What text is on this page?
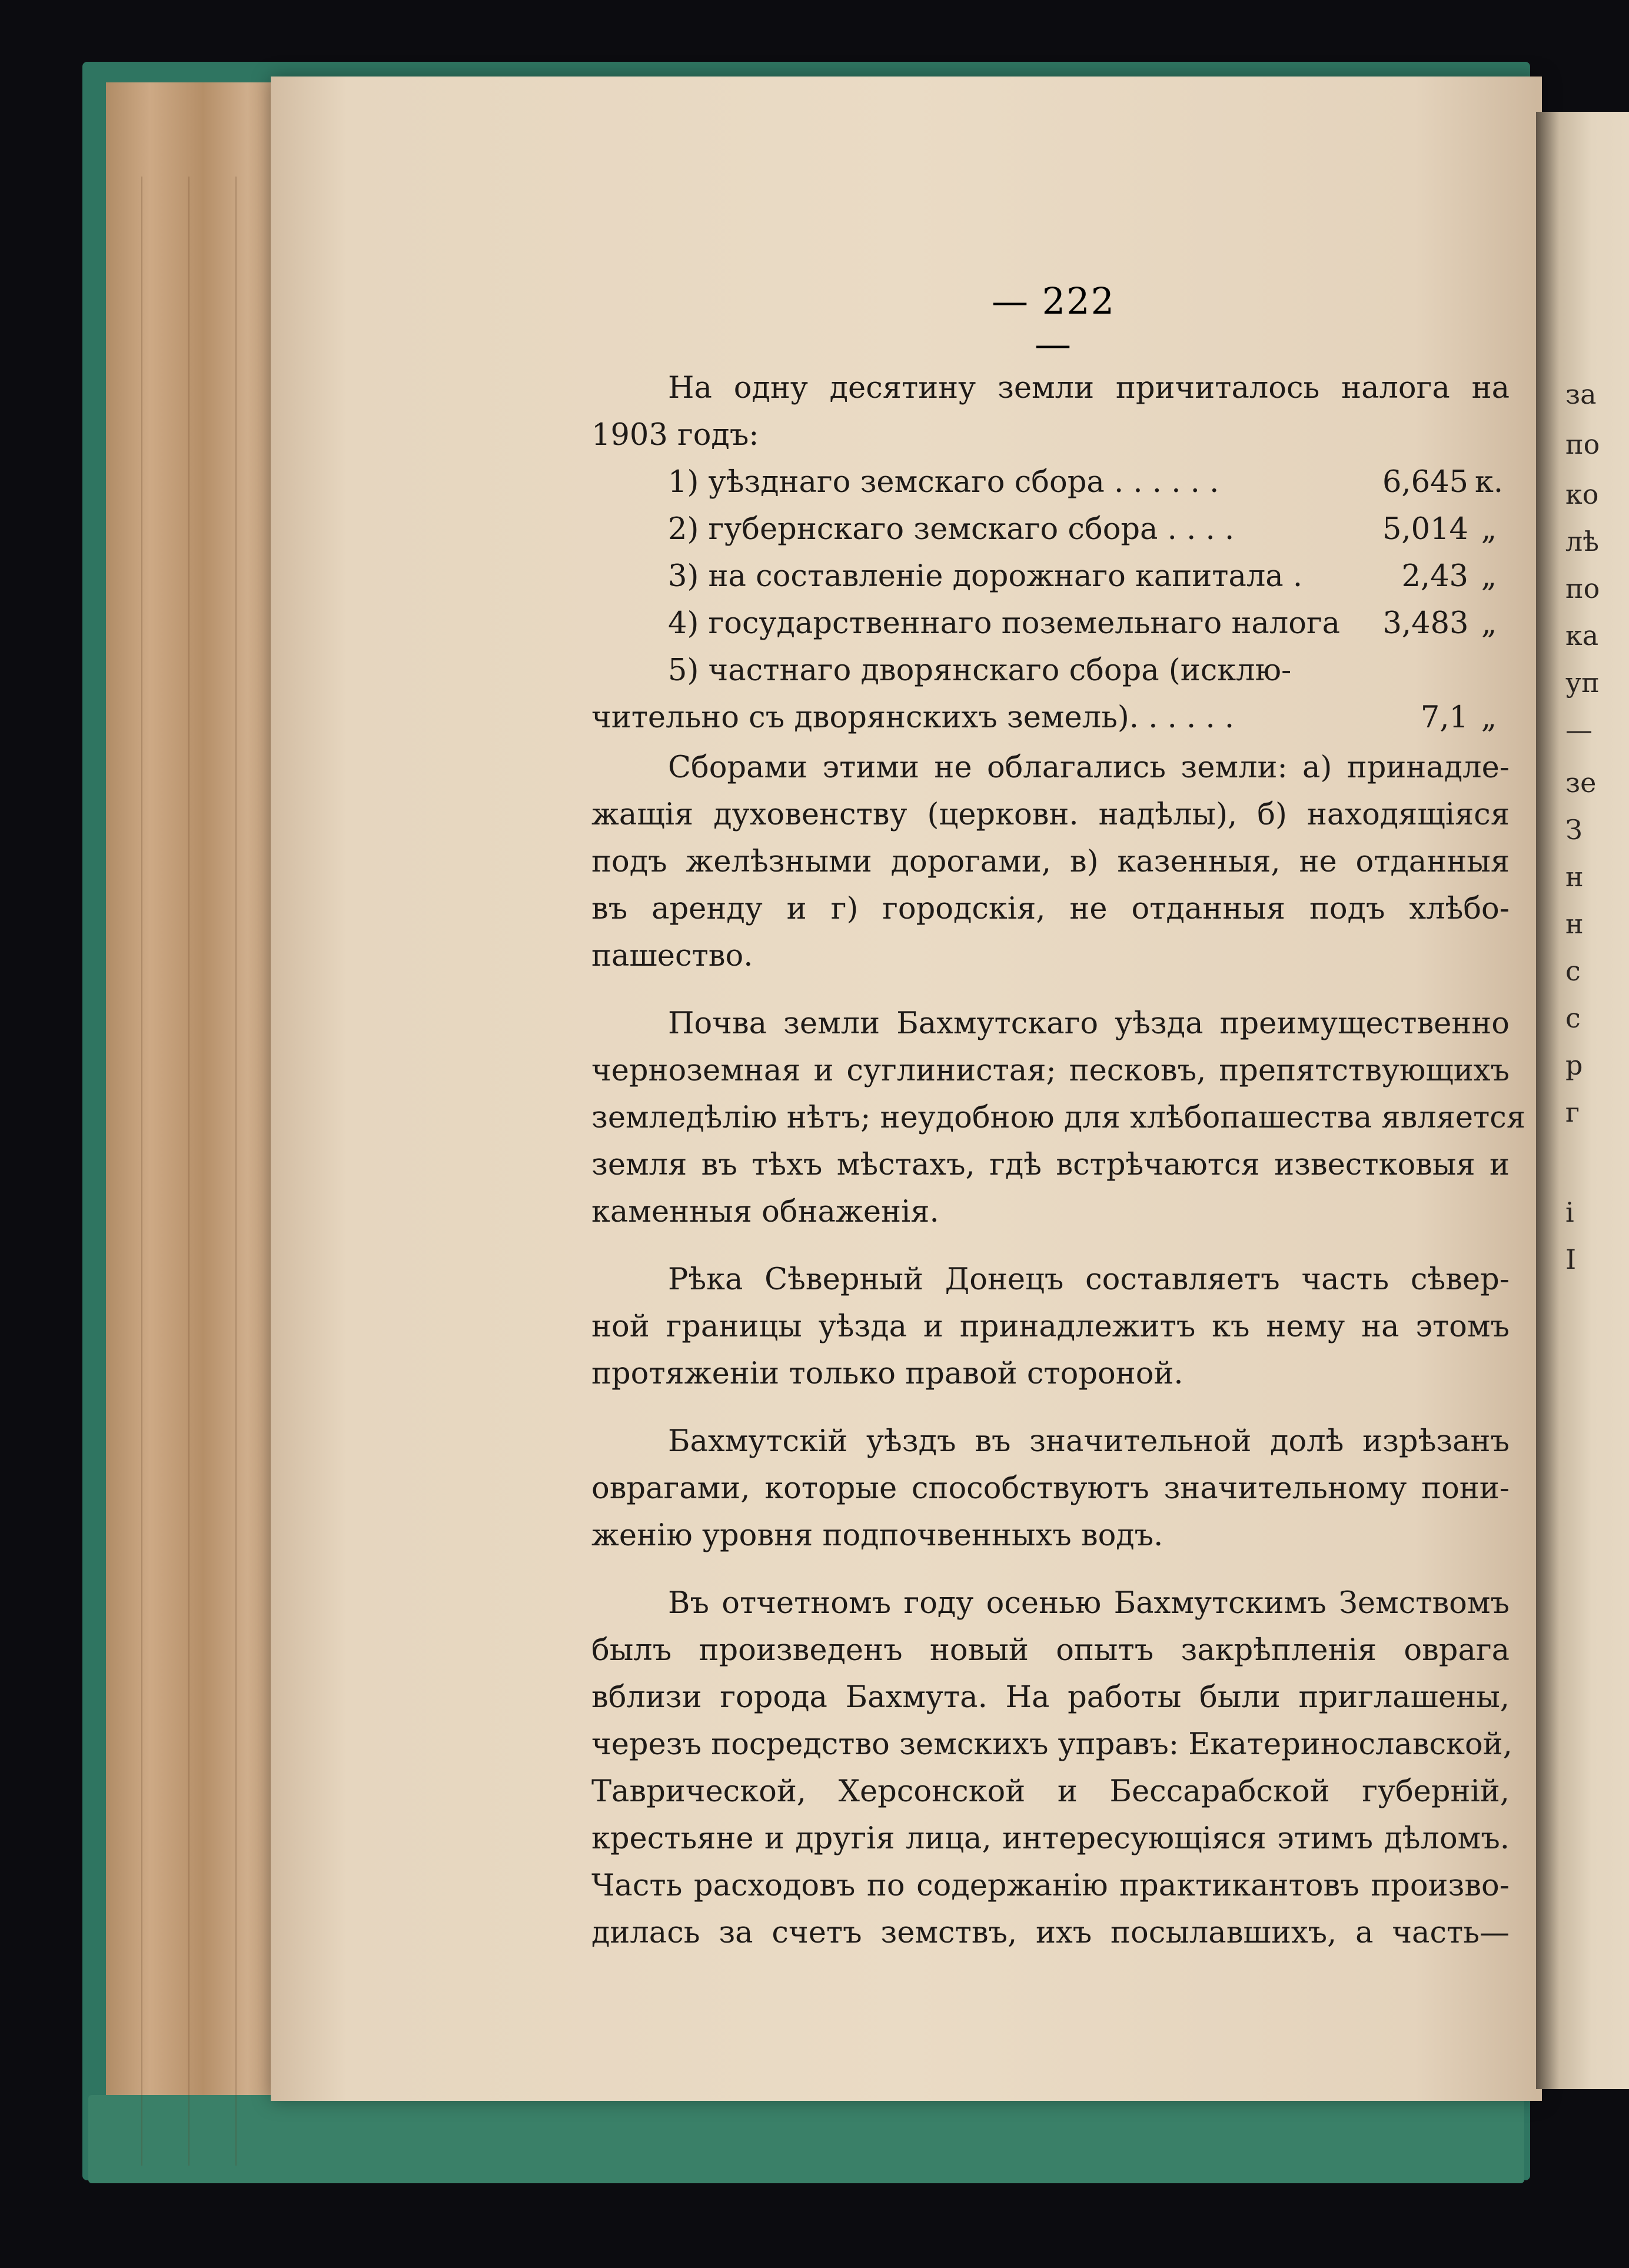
— 222 —
На одну десятину земли причиталось налога на
1903 годъ:
1) уѣзднаго земскаго сбора . . . . . .	6,645 к.
2) губернскаго земскаго сбора . . . .	5,014 „
3) на составленіе дорожнаго капитала .	2,43 „
4) государственнаго поземельнаго налога	3,483 „
5) частнаго дворянскаго сбора (исклю-
чительно съ дворянскихъ земель). . . . . .	7,1 „
Сборами этими не облагались земли: а) принадле-
жащія духовенству (церковн. надѣлы), б) находящіяся
подъ желѣзными дорогами, в) казенныя, не отданныя
въ аренду и г) городскія, не отданныя подъ хлѣбо-
пашество.
Почва земли Бахмутскаго уѣзда преимущественно
черноземная и суглинистая; песковъ, препятствующихъ
земледѣлію нѣтъ; неудобною для хлѣбопашества является
земля въ тѣхъ мѣстахъ, гдѣ встрѣчаются известковыя и
каменныя обнаженія.
Рѣка Сѣверный Донецъ составляетъ часть сѣвер-
ной границы уѣзда и принадлежитъ къ нему на этомъ
протяженіи только правой стороной.
Бахмутскій уѣздъ въ значительной долѣ изрѣзанъ
оврагами, которые способствуютъ значительному пони-
женію уровня подпочвенныхъ водъ.
Въ отчетномъ году осенью Бахмутскимъ Земствомъ
былъ произведенъ новый опытъ закрѣпленія оврага
вблизи города Бахмута. На работы были приглашены,
черезъ посредство земскихъ управъ: Екатеринославской,
Таврической, Херсонской и Бессарабской губерній,
крестьяне и другія лица, интересующіяся этимъ дѣломъ.
Часть расходовъ по содержанію практикантовъ произво-
дилась за счетъ земствъ, ихъ посылавшихъ, а часть—
за
по
ко
лѣ
по
ка
уп
—
зе
З
н
н
с
с
р
г
і
I
